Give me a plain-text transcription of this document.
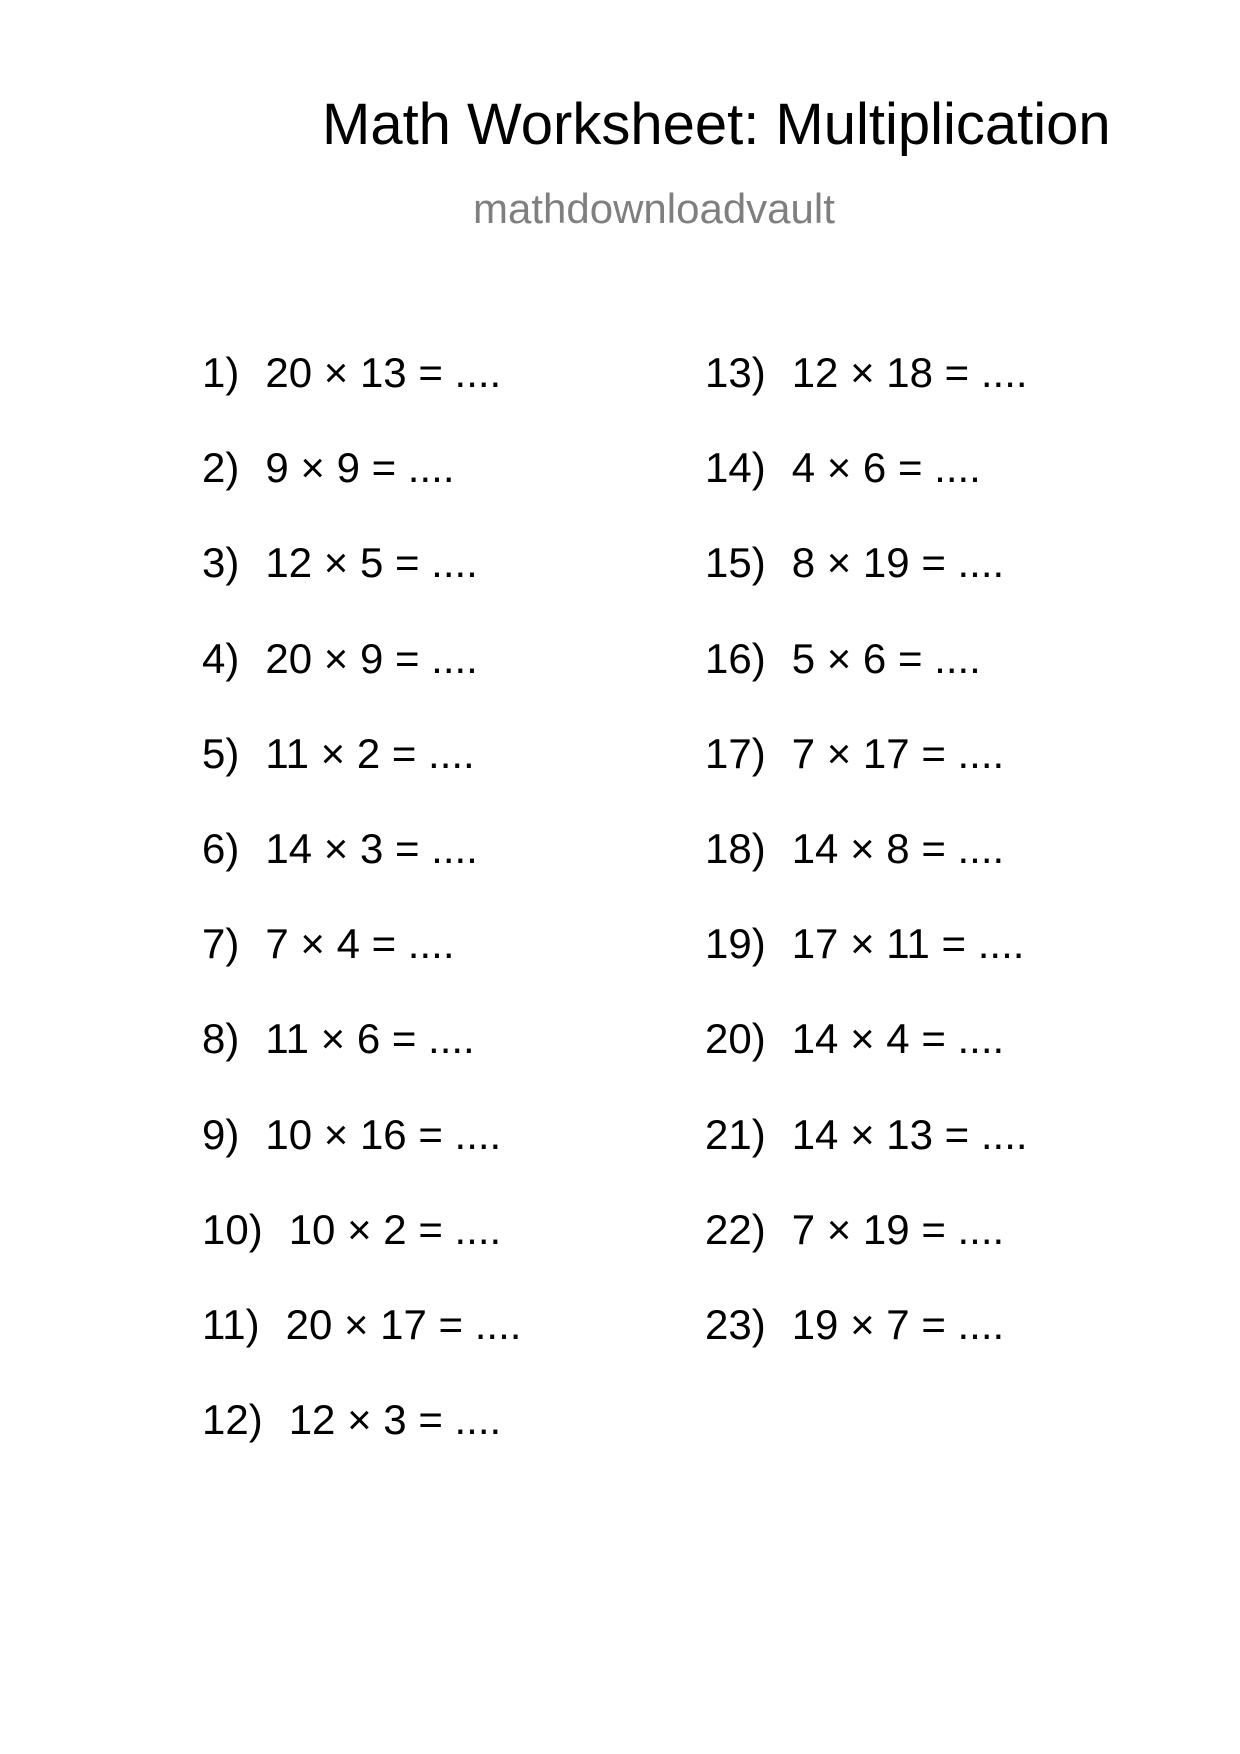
Math Worksheet: Multiplication
mathdownloadvault
1) 20 × 13 = ....
2) 9 × 9 = ....
3) 12 × 5 = ....
4) 20 × 9 = ....
5) 11 × 2 = ....
6) 14 × 3 = ....
7) 7 × 4 = ....
8) 11 × 6 = ....
9) 10 × 16 = ....
10) 10 × 2 = ....
11) 20 × 17 = ....
12) 12 × 3 = ....
13) 12 × 18 = ....
14) 4 × 6 = ....
15) 8 × 19 = ....
16) 5 × 6 = ....
17) 7 × 17 = ....
18) 14 × 8 = ....
19) 17 × 11 = ....
20) 14 × 4 = ....
21) 14 × 13 = ....
22) 7 × 19 = ....
23) 19 × 7 = ....
